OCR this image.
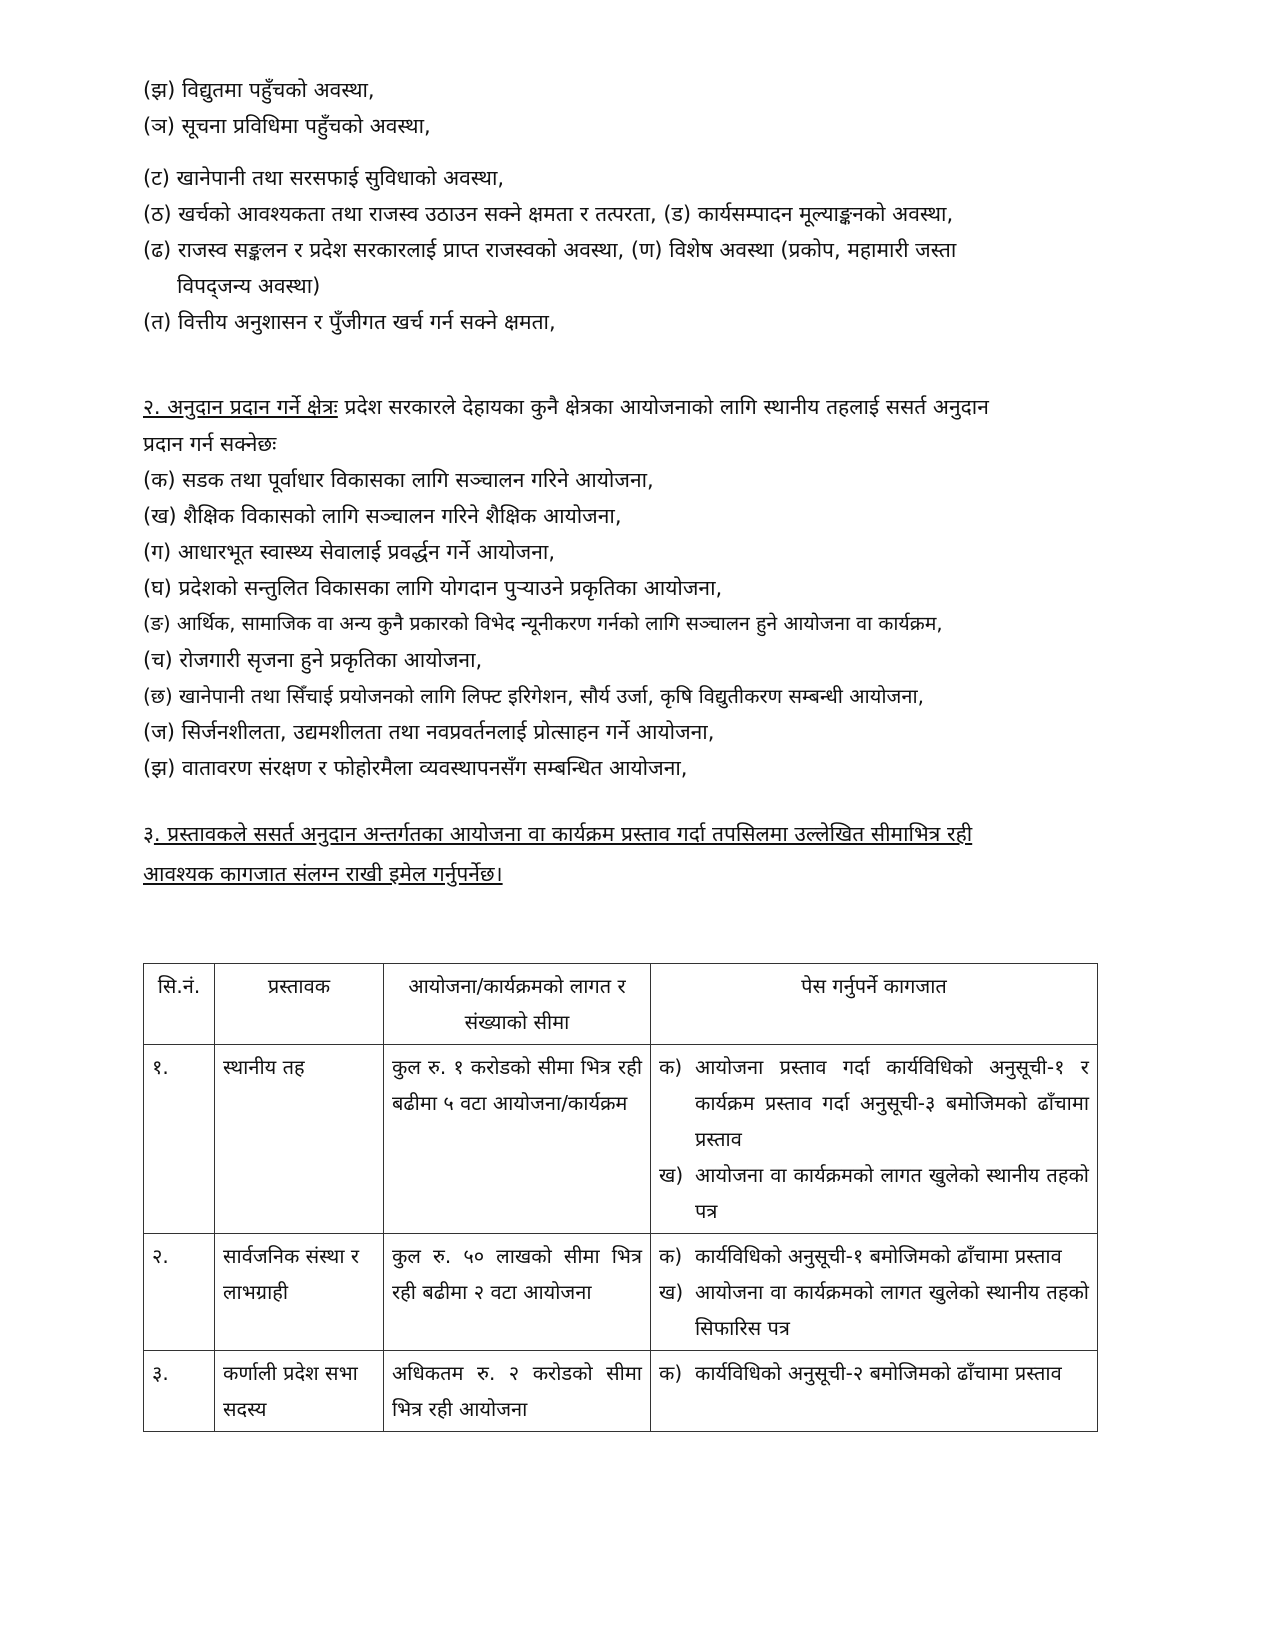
(झ) विद्युतमा पहुँचको अवस्था,
(ञ) सूचना प्रविधिमा पहुँचको अवस्था,
(ट) खानेपानी तथा सरसफाई सुविधाको अवस्था,
(ठ) खर्चको आवश्यकता तथा राजस्व उठाउन सक्ने क्षमता र तत्परता, (ड) कार्यसम्पादन मूल्याङ्कनको अवस्था,
(ढ) राजस्व सङ्कलन र प्रदेश सरकारलाई प्राप्त राजस्वको अवस्था, (ण) विशेष अवस्था (प्रकोप, महामारी जस्ता
विपद्जन्य अवस्था)
(त) वित्तीय अनुशासन र पुँजीगत खर्च गर्न सक्ने क्षमता,
२. अनुदान प्रदान गर्ने क्षेत्रः प्रदेश सरकारले देहायका कुनै क्षेत्रका आयोजनाको लागि स्थानीय तहलाई ससर्त अनुदान
प्रदान गर्न सक्नेछः
(क) सडक तथा पूर्वाधार विकासका लागि सञ्चालन गरिने आयोजना,
(ख) शैक्षिक विकासको लागि सञ्चालन गरिने शैक्षिक आयोजना,
(ग) आधारभूत स्वास्थ्य सेवालाई प्रवर्द्धन गर्ने आयोजना,
(घ) प्रदेशको सन्तुलित विकासका लागि योगदान पुऱ्याउने प्रकृतिका आयोजना,
(ङ) आर्थिक, सामाजिक वा अन्य कुनै प्रकारको विभेद न्यूनीकरण गर्नको लागि सञ्चालन हुने आयोजना वा कार्यक्रम,
(च) रोजगारी सृजना हुने प्रकृतिका आयोजना,
(छ) खानेपानी तथा सिँचाई प्रयोजनको लागि लिफ्ट इरिगेशन, सौर्य उर्जा, कृषि विद्युतीकरण सम्बन्धी आयोजना,
(ज) सिर्जनशीलता, उद्यमशीलता तथा नवप्रवर्तनलाई प्रोत्साहन गर्ने आयोजना,
(झ) वातावरण संरक्षण र फोहोरमैला व्यवस्थापनसँग सम्बन्धित आयोजना,
३. प्रस्तावकले ससर्त अनुदान अन्तर्गतका आयोजना वा कार्यक्रम प्रस्ताव गर्दा तपसिलमा उल्लेखित सीमाभित्र रही
आवश्यक कागजात संलग्न राखी इमेल गर्नुपर्नेछ।
सि.नं.	प्रस्तावक	आयोजना/कार्यक्रमको लागत र संख्याको सीमा	पेस गर्नुपर्ने कागजात
१.	स्थानीय तह	कुल रु. १ करोडको सीमा भित्र रही बढीमा ५ वटा आयोजना/कार्यक्रम	क) आयोजना प्रस्ताव गर्दा कार्यविधिको अनुसूची-१ र कार्यक्रम प्रस्ताव गर्दा अनुसूची-३ बमोजिमको ढाँचामा प्रस्ताव
ख) आयोजना वा कार्यक्रमको लागत खुलेको स्थानीय तहको पत्र

२.	सार्वजनिक संस्था र लाभग्राही	कुल रु. ५० लाखको सीमा भित्र रही बढीमा २ वटा आयोजना	क) कार्यविधिको अनुसूची-१ बमोजिमको ढाँचामा प्रस्ताव
ख) आयोजना वा कार्यक्रमको लागत खुलेको स्थानीय तहको सिफारिस पत्र

३.	कर्णाली प्रदेश सभा सदस्य	अधिकतम रु. २ करोडको सीमा भित्र रही आयोजना	क) कार्यविधिको अनुसूची-२ बमोजिमको ढाँचामा प्रस्ताव
